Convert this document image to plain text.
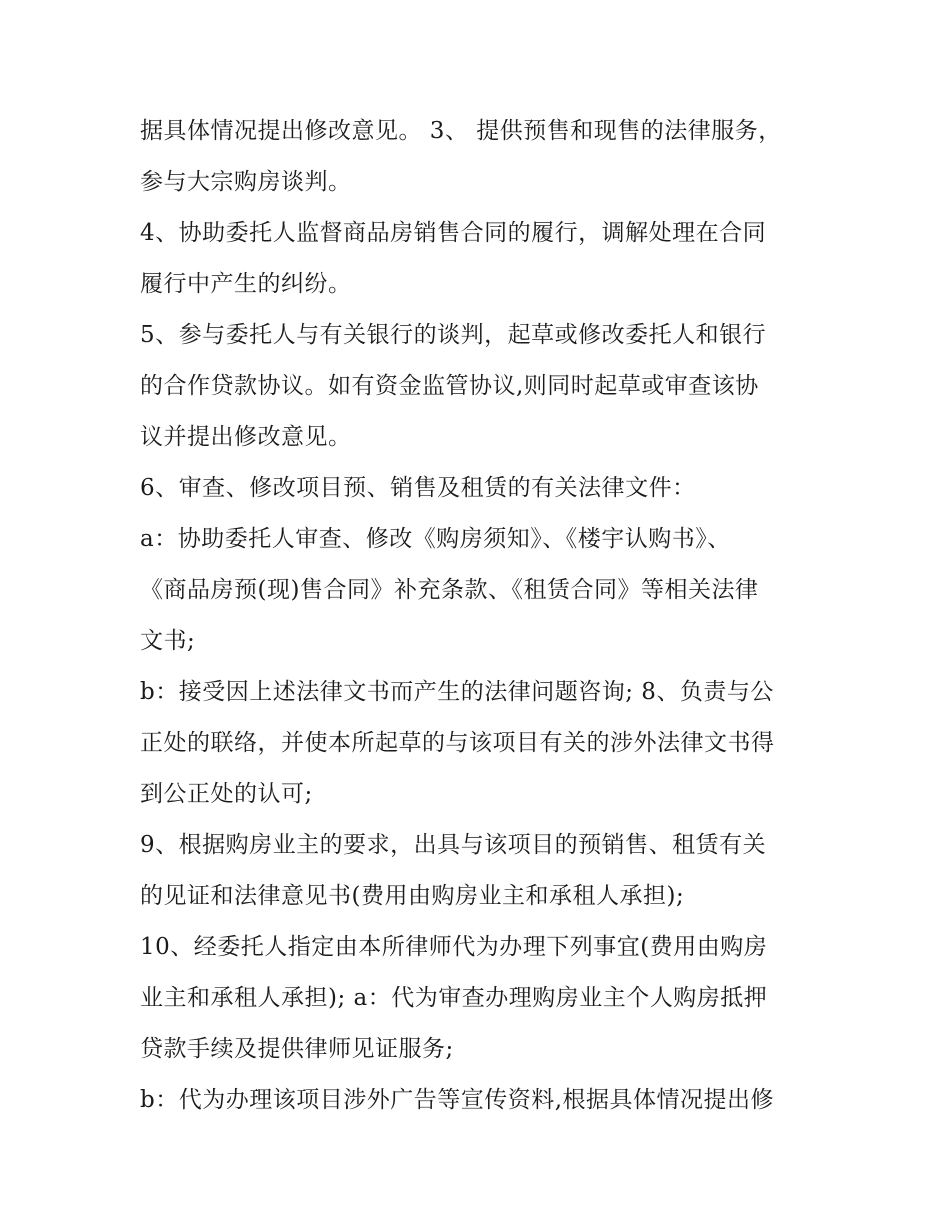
据具体情况提出修改意见。 3、 提供预售和现售的法律服务，
参与大宗购房谈判。
4、协助委托人监督商品房销售合同的履行，调解处理在合同
履行中产生的纠纷。
5、参与委托人与有关银行的谈判，起草或修改委托人和银行
的合作贷款协议。如有资金监管协议,则同时起草或审查该协
议并提出修改意见。
6、审查、修改项目预、销售及租赁的有关法律文件：
a：协助委托人审查、修改《购房须知》、《楼宇认购书》、
《商品房预(现)售合同》补充条款、《租赁合同》等相关法律
文书;
b：接受因上述法律文书而产生的法律问题咨询; 8、负责与公
正处的联络，并使本所起草的与该项目有关的涉外法律文书得
到公正处的认可;
9、根据购房业主的要求，出具与该项目的预销售、租赁有关
的见证和法律意见书(费用由购房业主和承租人承担);
10、经委托人指定由本所律师代为办理下列事宜(费用由购房
业主和承租人承担); a：代为审查办理购房业主个人购房抵押
贷款手续及提供律师见证服务;
b：代为办理该项目涉外广告等宣传资料,根据具体情况提出修
